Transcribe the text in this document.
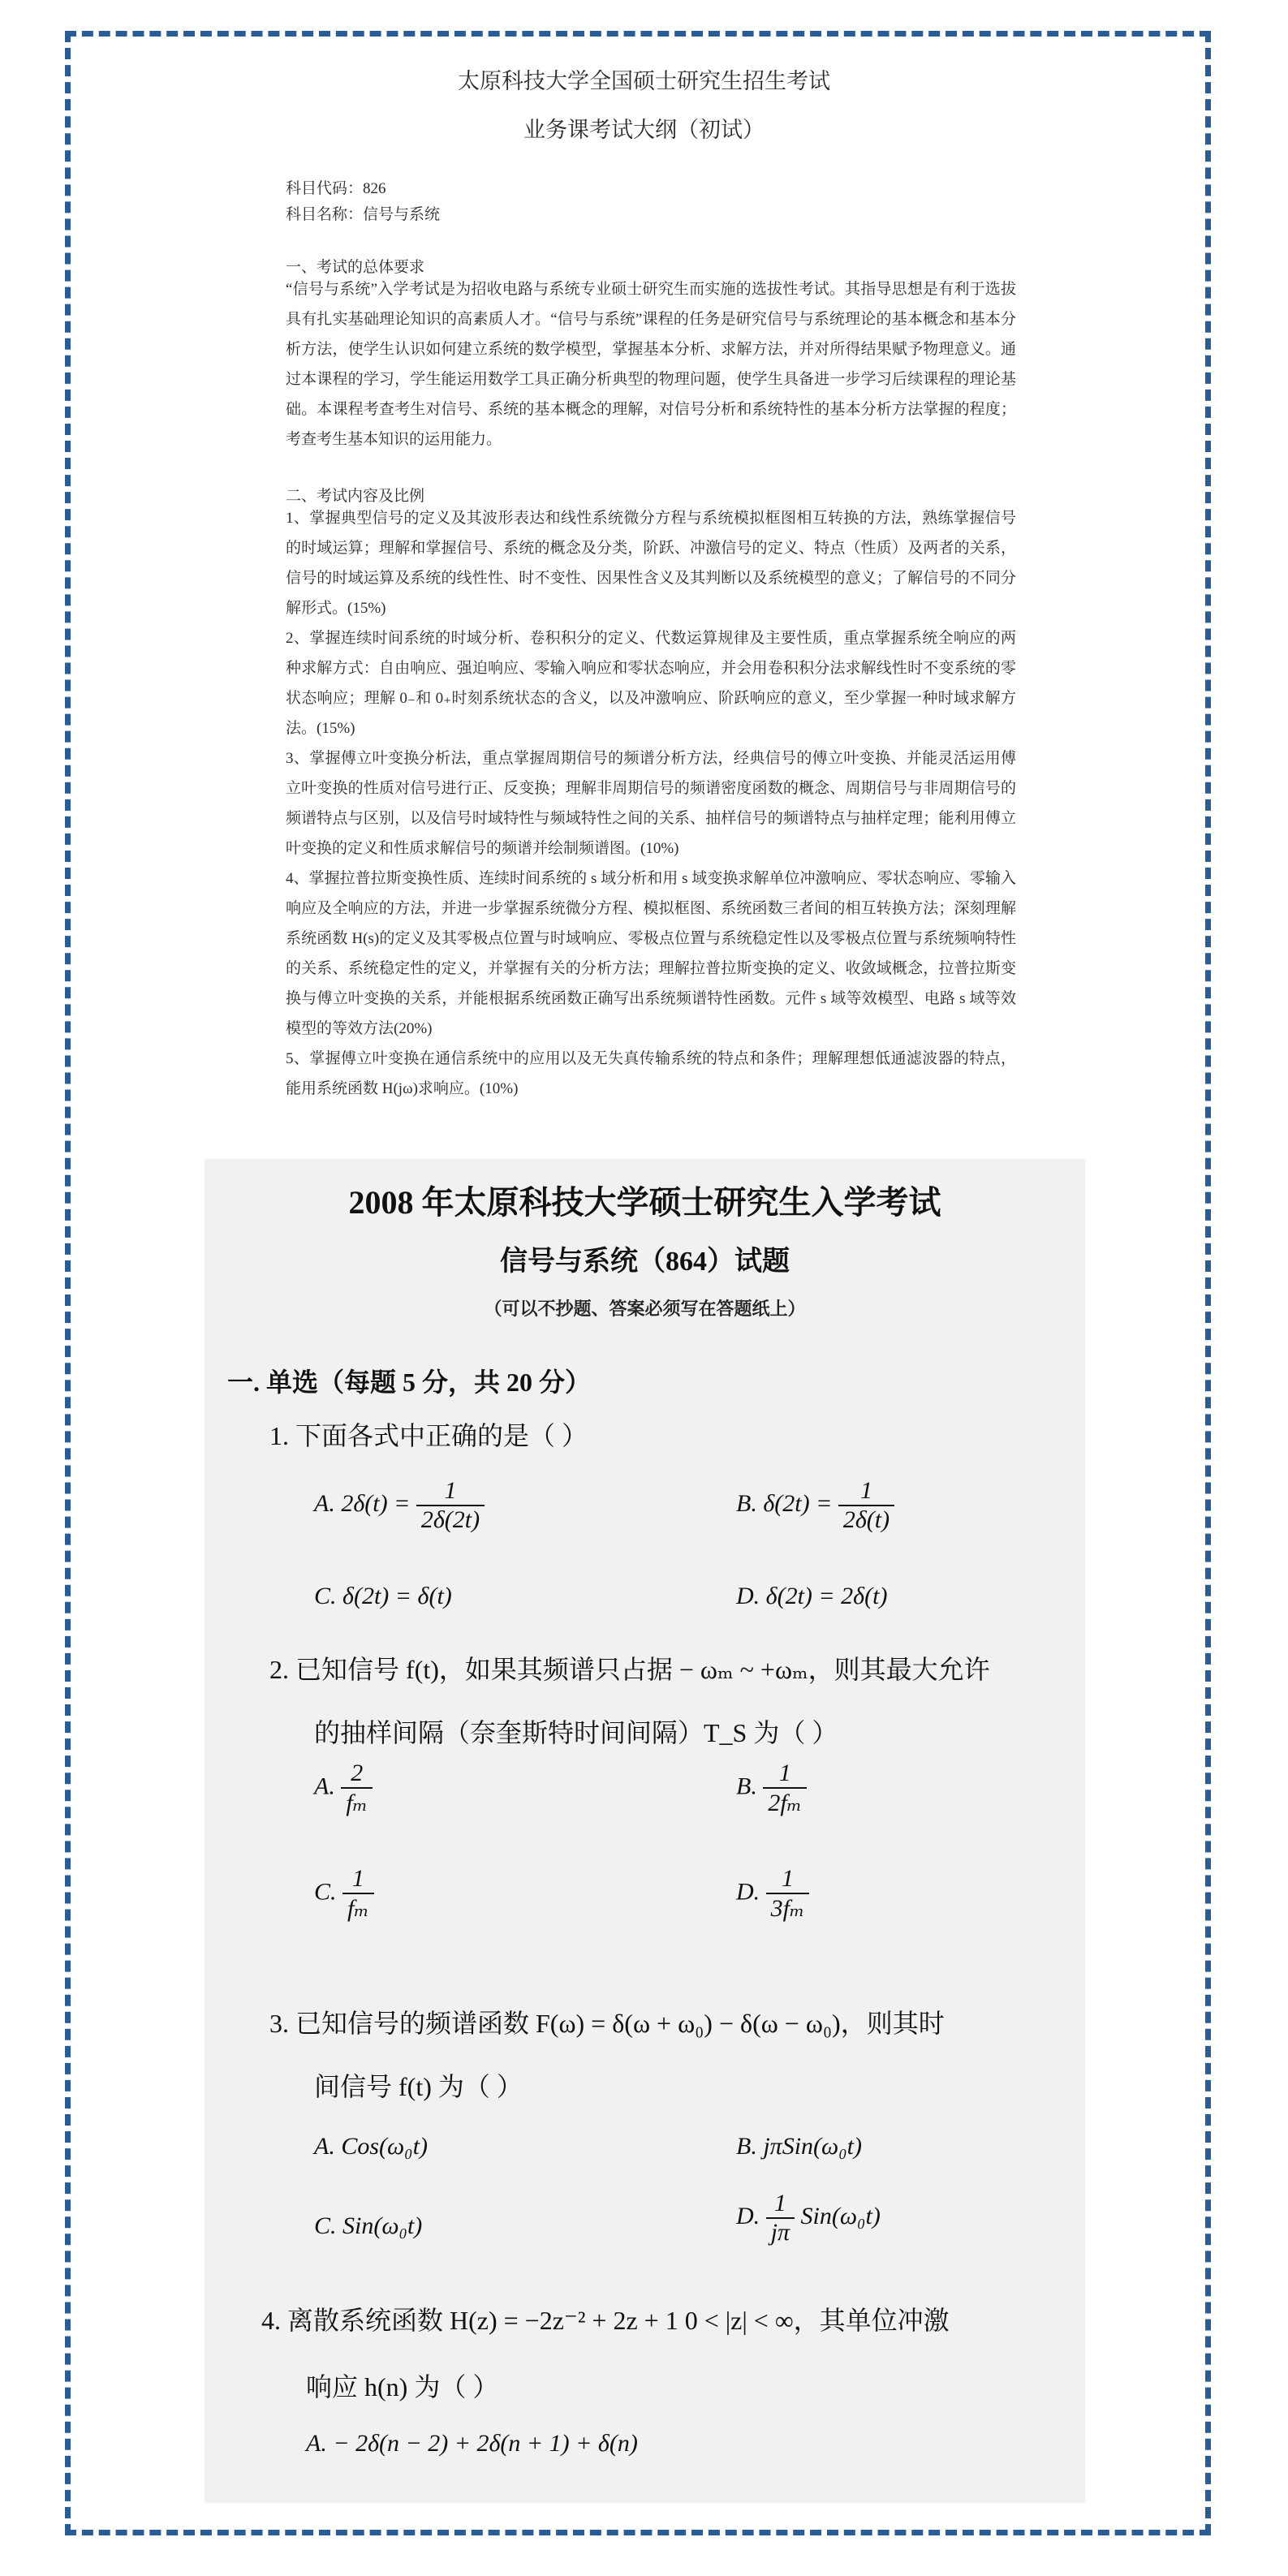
太原科技大学全国硕士研究生招生考试
业务课考试大纲（初试）
科目代码：826
科目名称：信号与系统
一、考试的总体要求

“信号与系统”入学考试是为招收电路与系统专业硕士研究生而实施的选拔性考试。其指导思想是有利于选拔具有扎实基础理论知识的高素质人才。“信号与系统”课程的任务是研究信号与系统理论的基本概念和基本分析方法，使学生认识如何建立系统的数学模型，掌握基本分析、求解方法，并对所得结果赋予物理意义。通过本课程的学习，学生能运用数学工具正确分析典型的物理问题，使学生具备进一步学习后续课程的理论基础。本课程考查考生对信号、系统的基本概念的理解，对信号分析和系统特性的基本分析方法掌握的程度；考查考生基本知识的运用能力。

二、考试内容及比例

1、掌握典型信号的定义及其波形表达和线性系统微分方程与系统模拟框图相互转换的方法，熟练掌握信号的时域运算；理解和掌握信号、系统的概念及分类，阶跃、冲激信号的定义、特点（性质）及两者的关系，信号的时域运算及系统的线性性、时不变性、因果性含义及其判断以及系统模型的意义；了解信号的不同分解形式。(15%)

2、掌握连续时间系统的时域分析、卷积积分的定义、代数运算规律及主要性质，重点掌握系统全响应的两种求解方式：自由响应、强迫响应、零输入响应和零状态响应，并会用卷积积分法求解线性时不变系统的零状态响应；理解 0₋和 0₊时刻系统状态的含义，以及冲激响应、阶跃响应的意义，至少掌握一种时域求解方法。(15%)

3、掌握傅立叶变换分析法，重点掌握周期信号的频谱分析方法，经典信号的傅立叶变换、并能灵活运用傅立叶变换的性质对信号进行正、反变换；理解非周期信号的频谱密度函数的概念、周期信号与非周期信号的频谱特点与区别，以及信号时域特性与频域特性之间的关系、抽样信号的频谱特点与抽样定理；能利用傅立叶变换的定义和性质求解信号的频谱并绘制频谱图。(10%)

4、掌握拉普拉斯变换性质、连续时间系统的 s 域分析和用 s 域变换求解单位冲激响应、零状态响应、零输入响应及全响应的方法，并进一步掌握系统微分方程、模拟框图、系统函数三者间的相互转换方法；深刻理解系统函数 H(s)的定义及其零极点位置与时域响应、零极点位置与系统稳定性以及零极点位置与系统频响特性的关系、系统稳定性的定义，并掌握有关的分析方法；理解拉普拉斯变换的定义、收敛域概念，拉普拉斯变换与傅立叶变换的关系，并能根据系统函数正确写出系统频谱特性函数。元件 s 域等效模型、电路 s 域等效模型的等效方法(20%)

5、掌握傅立叶变换在通信系统中的应用以及无失真传输系统的特点和条件；理解理想低通滤波器的特点，能用系统函数 H(jω)求响应。(10%)

2008 年太原科技大学硕士研究生入学考试
信号与系统（864）试题
（可以不抄题、答案必须写在答题纸上）
一. 单选（每题 5 分，共 20 分）
1. 下面各式中正确的是（ ）
A. $2\delta(t) = \frac{1}{2\delta(2t)}$	B. $\delta(2t) = \frac{1}{2\delta(t)}$
C. δ(2t) = δ(t)	D. δ(2t) = 2δ(t)
2. 已知信号 f(t)，如果其频谱只占据 − ωₘ ~ +ωₘ，则其最大允许
的抽样间隔（奈奎斯特时间间隔）T_S 为（ ）
A. $\frac{2}{\text{fₘ}}$	B. $\frac{1}{\text{2fₘ}}$
C. $\frac{1}{\text{fₘ}}$	D. $\frac{1}{\text{3fₘ}}$
3. 已知信号的频谱函数 F(ω) = δ(ω + ω₀) − δ(ω − ω₀)，则其时
间信号 f(t) 为（ ）
A. Cos(ω₀t)	B. jπSin(ω₀t)
C. Sin(ω₀t)	D. $\frac{1}{j\pi} Sin(\omega_0t)$
4. 离散系统函数 H(z) = −2z⁻² + 2z + 1 0 < |z| < ∞，其单位冲激
响应 h(n) 为（ ）
A. − 2δ(n − 2) + 2δ(n + 1) + δ(n)
